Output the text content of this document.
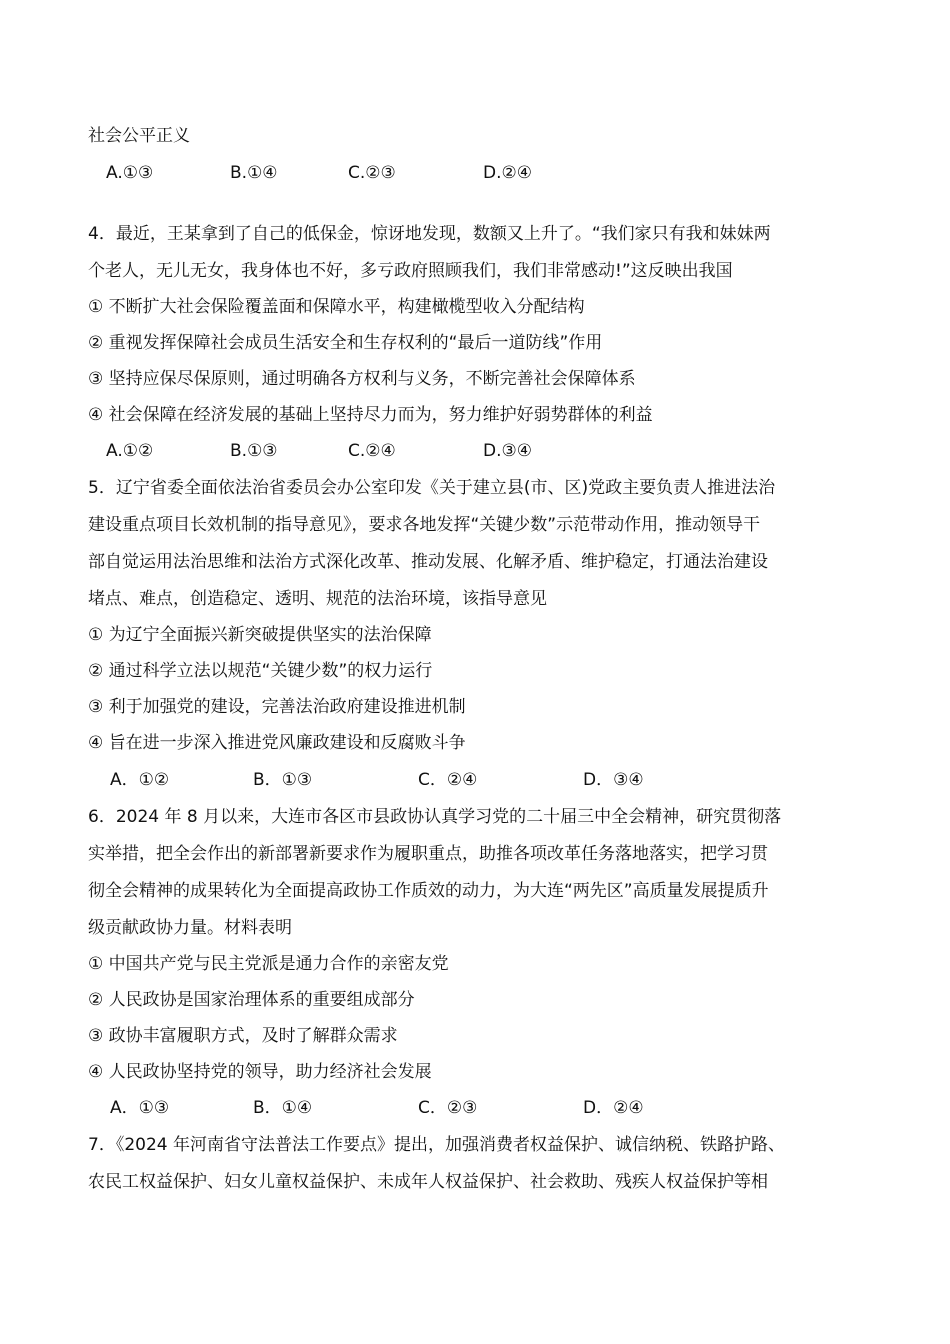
社会公平正义
A.①③	B.①④	C.②③	D.②④
4．最近，王某拿到了自己的低保金，惊讶地发现，数额又上升了。“我们家只有我和妹妹两
个老人，无儿无女，我身体也不好，多亏政府照顾我们，我们非常感动!”这反映出我国
① 不断扩大社会保险覆盖面和保障水平，构建橄榄型收入分配结构
② 重视发挥保障社会成员生活安全和生存权利的“最后一道防线”作用
③ 坚持应保尽保原则，通过明确各方权利与义务，不断完善社会保障体系
④ 社会保障在经济发展的基础上坚持尽力而为，努力维护好弱势群体的利益
A.①②	B.①③	C.②④	D.③④
5．辽宁省委全面依法治省委员会办公室印发《关于建立县(市、区)党政主要负责人推进法治
建设重点项目长效机制的指导意见》，要求各地发挥“关键少数”示范带动作用，推动领导干
部自觉运用法治思维和法治方式深化改革、推动发展、化解矛盾、维护稳定，打通法治建设
堵点、难点，创造稳定、透明、规范的法治环境，该指导意见
① 为辽宁全面振兴新突破提供坚实的法治保障
② 通过科学立法以规范“关键少数”的权力运行
③ 利于加强党的建设，完善法治政府建设推进机制
④ 旨在进一步深入推进党风廉政建设和反腐败斗争
A．①②	B．①③	C．②④	D．③④
6．2024 年 8 月以来，大连市各区市县政协认真学习党的二十届三中全会精神，研究贯彻落
实举措，把全会作出的新部署新要求作为履职重点，助推各项改革任务落地落实，把学习贯
彻全会精神的成果转化为全面提高政协工作质效的动力，为大连“两先区”高质量发展提质升
级贡献政协力量。材料表明
① 中国共产党与民主党派是通力合作的亲密友党
② 人民政协是国家治理体系的重要组成部分
③ 政协丰富履职方式，及时了解群众需求
④ 人民政协坚持党的领导，助力经济社会发展
A．①③	B．①④	C．②③	D．②④
7．《2024 年河南省守法普法工作要点》提出，加强消费者权益保护、诚信纳税、铁路护路、
农民工权益保护、妇女儿童权益保护、未成年人权益保护、社会救助、残疾人权益保护等相
